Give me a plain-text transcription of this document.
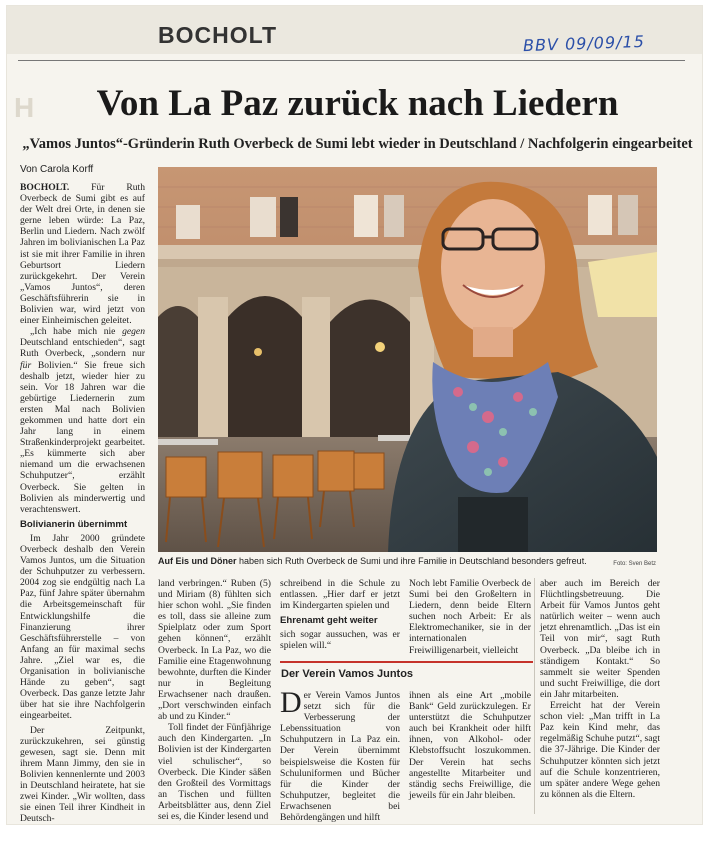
BOCHOLT	BBV 09/09/15
H	Von La Paz zurück nach Liedern
„Vamos Juntos“-Gründerin Ruth Overbeck de Sumi lebt wieder in Deutschland / Nachfolgerin eingearbeitet
Von Carola Korff

BOCHOLT. Für Ruth Overbeck de Sumi gibt es auf der Welt drei Orte, in denen sie gerne leben würde: La Paz, Berlin und Liedern. Nach zwölf Jahren im bolivianischen La Paz ist sie mit ihrer Familie in ihren Geburtsort Liedern zurückgekehrt. Der Verein „Vamos Juntos“, deren Geschäftsführerin sie in Bolivien war, wird jetzt von einer Einheimischen geleitet.

„Ich habe mich nie gegen Deutschland entschieden“, sagt Ruth Overbeck, „sondern nur für Bolivien.“ Sie freue sich deshalb jetzt, wieder hier zu sein. Vor 18 Jahren war die gebürtige Liedernerin zum ersten Mal nach Bolivien gekommen und hatte dort ein Jahr lang in einem Straßenkinderprojekt gearbeitet. „Es kümmerte sich aber niemand um die erwachsenen Schuhputzer“, erzählt Overbeck. Sie gelten in Bolivien als minderwertig und verachtenswert.

Bolivianerin übernimmt

Im Jahr 2000 gründete Overbeck deshalb den Verein Vamos Juntos, um die Situation der Schuhputzer zu verbessern. 2004 zog sie endgültig nach La Paz, fünf Jahre später übernahm die Arbeitsgemeinschaft für Entwicklungshilfe die Finanzierung ihrer Geschäftsführerstelle – von Anfang an für maximal sechs Jahre. „Ziel war es, die Organisation in bolivianische Hände zu geben“, sagt Overbeck. Das ganze letzte Jahr über hat sie ihre Nachfolgerin eingearbeitet.

Der Zeitpunkt, zurückzukehren, sei günstig gewesen, sagt sie. Denn mit ihrem Mann Jimmy, den sie in Bolivien kennenlernte und 2003 in Deutschland heiratete, hat sie zwei Kinder. „Wir wollten, dass sie einen Teil ihrer Kindheit in Deutsch-

Auf Eis und Döner haben sich Ruth Overbeck de Sumi und ihre Familie in Deutschland besonders gefreut.	Foto: Sven Betz

land verbringen.“ Ruben (5) und Miriam (8) fühlten sich hier schon wohl. „Sie finden es toll, dass sie alleine zum Spielplatz oder zum Sport gehen können“, erzählt Overbeck. In La Paz, wo die Familie eine Etagenwohnung bewohnte, durften die Kinder nur in Begleitung Erwachsener nach draußen. „Dort verschwinden einfach ab und zu Kinder.“

Toll findet der Fünfjährige auch den Kindergarten. „In Bolivien ist der Kindergarten viel schulischer“, so Overbeck. Die Kinder säßen den Großteil des Vormittags an Tischen und füllten Arbeitsblätter aus, denn Ziel sei es, die Kinder lesend und

schreibend in die Schule zu entlassen. „Hier darf er jetzt im Kindergarten spielen und

Ehrenamt geht weiter

sich sogar aussuchen, was er spielen will.“

Noch lebt Familie Overbeck de Sumi bei den Großeltern in Liedern, denn beide Eltern suchen noch Arbeit: Er als Elektromechaniker, sie in der internationalen Freiwilligenarbeit, vielleicht

aber auch im Bereich der Flüchtlingsbetreuung. Die Arbeit für Vamos Juntos geht natürlich weiter – wenn auch jetzt ehrenamtlich. „Das ist ein Teil von mir“, sagt Ruth Overbeck. „Da bleibe ich in ständigem Kontakt.“ So sammelt sie weiter Spenden und sucht Freiwillige, die dort ein Jahr mitarbeiten.

Erreicht hat der Verein schon viel: „Man trifft in La Paz kein Kind mehr, das regelmäßig Schuhe putzt“, sagt die 37-Jährige. Die Kinder der Schuhputzer könnten sich jetzt auf die Schule konzentrieren, um später andere Wege gehen zu können als die Eltern.

Der Verein Vamos Juntos

Der Verein Vamos Juntos setzt sich für die Verbesserung der Lebenssituation von Schuhputzern in La Paz ein. Der Verein übernimmt beispielsweise die Kosten für Schuluniformen und Bücher für die Kinder der Schuhputzer, begleitet die Erwachsenen bei Behördengängen und hilft

ihnen als eine Art „mobile Bank“ Geld zurückzulegen. Er unterstützt die Schuhputzer auch bei Krankheit oder hilft ihnen, von Alkohol- oder Klebstoffsucht loszukommen. Der Verein hat sechs angestellte Mitarbeiter und ständig sechs Freiwillige, die jeweils für ein Jahr bleiben.
